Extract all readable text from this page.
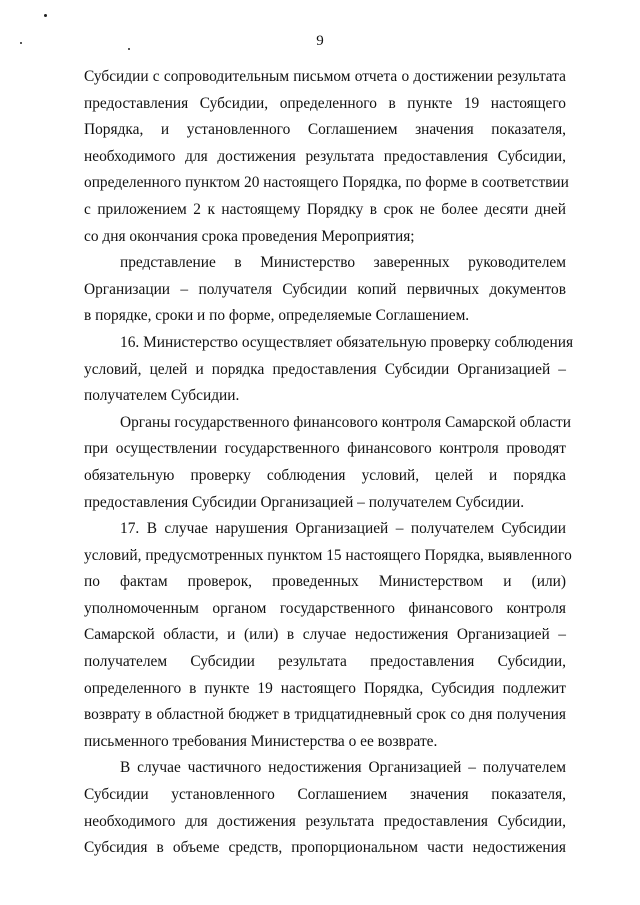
9
Субсидии с сопроводительным письмом отчета о достижении результата
предоставления Субсидии, определенного в пункте 19 настоящего
Порядка, и установленного Соглашением значения показателя,
необходимого для достижения результата предоставления Субсидии,
определенного пунктом 20 настоящего Порядка, по форме в соответствии
с приложением 2 к настоящему Порядку в срок не более десяти дней
со дня окончания срока проведения Мероприятия;
представление в Министерство заверенных руководителем
Организации – получателя Субсидии копий первичных документов
в порядке, сроки и по форме, определяемые Соглашением.
16. Министерство осуществляет обязательную проверку соблюдения
условий, целей и порядка предоставления Субсидии Организацией –
получателем Субсидии.
Органы государственного финансового контроля Самарской области
при осуществлении государственного финансового контроля проводят
обязательную проверку соблюдения условий, целей и порядка
предоставления Субсидии Организацией – получателем Субсидии.
17. В случае нарушения Организацией – получателем Субсидии
условий, предусмотренных пунктом 15 настоящего Порядка, выявленного
по фактам проверок, проведенных Министерством и (или)
уполномоченным органом государственного финансового контроля
Самарской области, и (или) в случае недостижения Организацией –
получателем Субсидии результата предоставления Субсидии,
определенного в пункте 19 настоящего Порядка, Субсидия подлежит
возврату в областной бюджет в тридцатидневный срок со дня получения
письменного требования Министерства о ее возврате.
В случае частичного недостижения Организацией – получателем
Субсидии установленного Соглашением значения показателя,
необходимого для достижения результата предоставления Субсидии,
Субсидия в объеме средств, пропорциональном части недостижения
